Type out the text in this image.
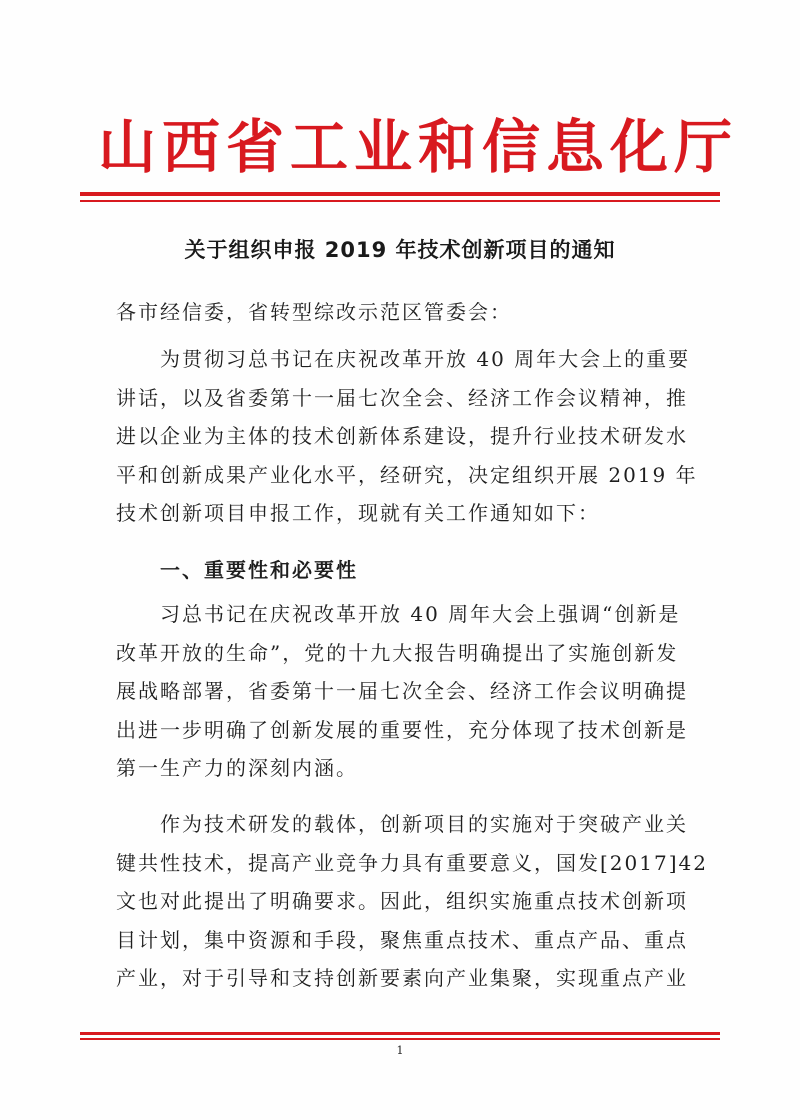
山西省工业和信息化厅
关于组织申报 2019 年技术创新项目的通知
各市经信委，省转型综改示范区管委会：
为贯彻习总书记在庆祝改革开放 40 周年大会上的重要
讲话，以及省委第十一届七次全会、经济工作会议精神，推
进以企业为主体的技术创新体系建设，提升行业技术研发水
平和创新成果产业化水平，经研究，决定组织开展 2019 年
技术创新项目申报工作，现就有关工作通知如下：
一、重要性和必要性
习总书记在庆祝改革开放 40 周年大会上强调“创新是
改革开放的生命”，党的十九大报告明确提出了实施创新发
展战略部署，省委第十一届七次全会、经济工作会议明确提
出进一步明确了创新发展的重要性，充分体现了技术创新是
第一生产力的深刻内涵。
作为技术研发的载体，创新项目的实施对于突破产业关
键共性技术，提高产业竞争力具有重要意义，国发[2017]42
文也对此提出了明确要求。因此，组织实施重点技术创新项
目计划，集中资源和手段，聚焦重点技术、重点产品、重点
产业，对于引导和支持创新要素向产业集聚，实现重点产业
1
